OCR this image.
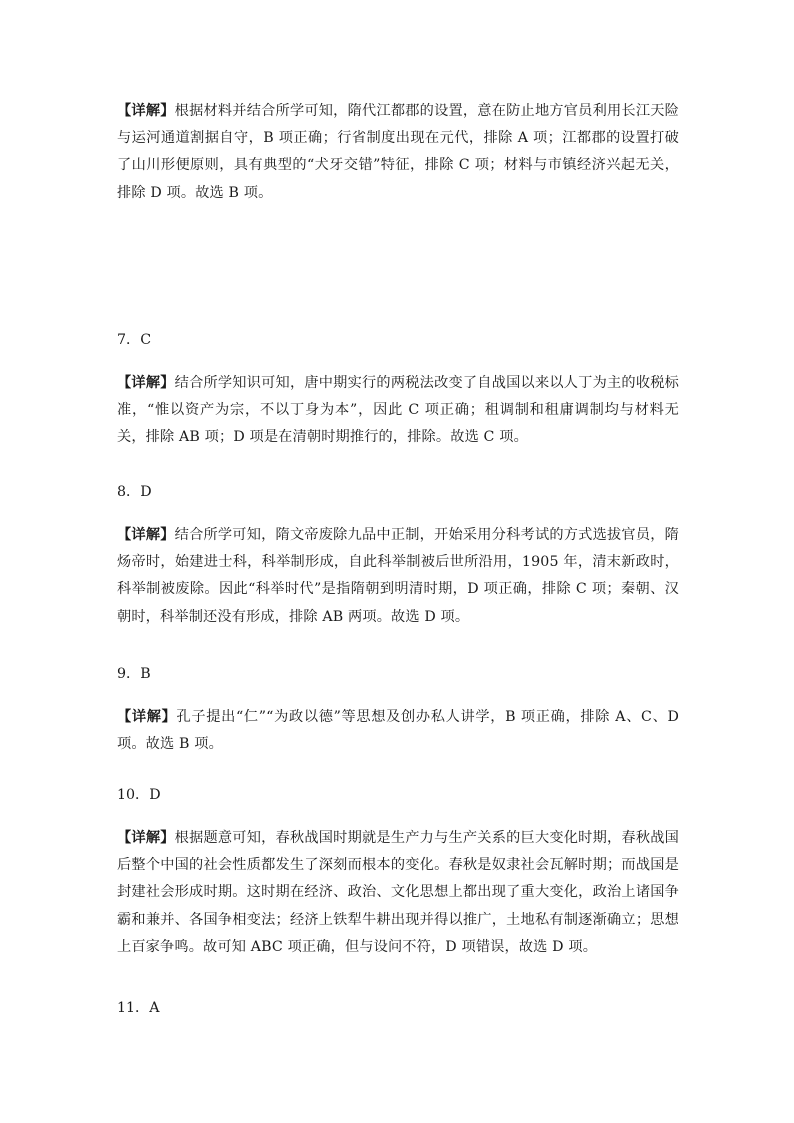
【详解】根据材料并结合所学可知，隋代江都郡的设置，意在防止地方官员利用长江天险与运河通道割据自守，B 项正确；行省制度出现在元代，排除 A 项；江都郡的设置打破了山川形便原则，具有典型的“犬牙交错”特征，排除 C 项；材料与市镇经济兴起无关，排除 D 项。故选 B 项。

7．C

【详解】结合所学知识可知，唐中期实行的两税法改变了自战国以来以人丁为主的收税标准，“惟以资产为宗，不以丁身为本”，因此 C 项正确；租调制和租庸调制均与材料无关，排除 AB 项；D 项是在清朝时期推行的，排除。故选 C 项。

8．D

【详解】结合所学可知，隋文帝废除九品中正制，开始采用分科考试的方式选拔官员，隋炀帝时，始建进士科，科举制形成，自此科举制被后世所沿用，1905 年，清末新政时，科举制被废除。因此“科举时代”是指隋朝到明清时期，D 项正确，排除 C 项；秦朝、汉朝时，科举制还没有形成，排除 AB 两项。故选 D 项。

9．B

【详解】孔子提出“仁”“为政以德”等思想及创办私人讲学，B 项正确，排除 A、C、D 项。故选 B 项。

10．D

【详解】根据题意可知，春秋战国时期就是生产力与生产关系的巨大变化时期，春秋战国后整个中国的社会性质都发生了深刻而根本的变化。春秋是奴隶社会瓦解时期；而战国是封建社会形成时期。这时期在经济、政治、文化思想上都出现了重大变化，政治上诸国争霸和兼并、各国争相变法；经济上铁犁牛耕出现并得以推广，土地私有制逐渐确立；思想上百家争鸣。故可知 ABC 项正确，但与设问不符，D 项错误，故选 D 项。

11．A
